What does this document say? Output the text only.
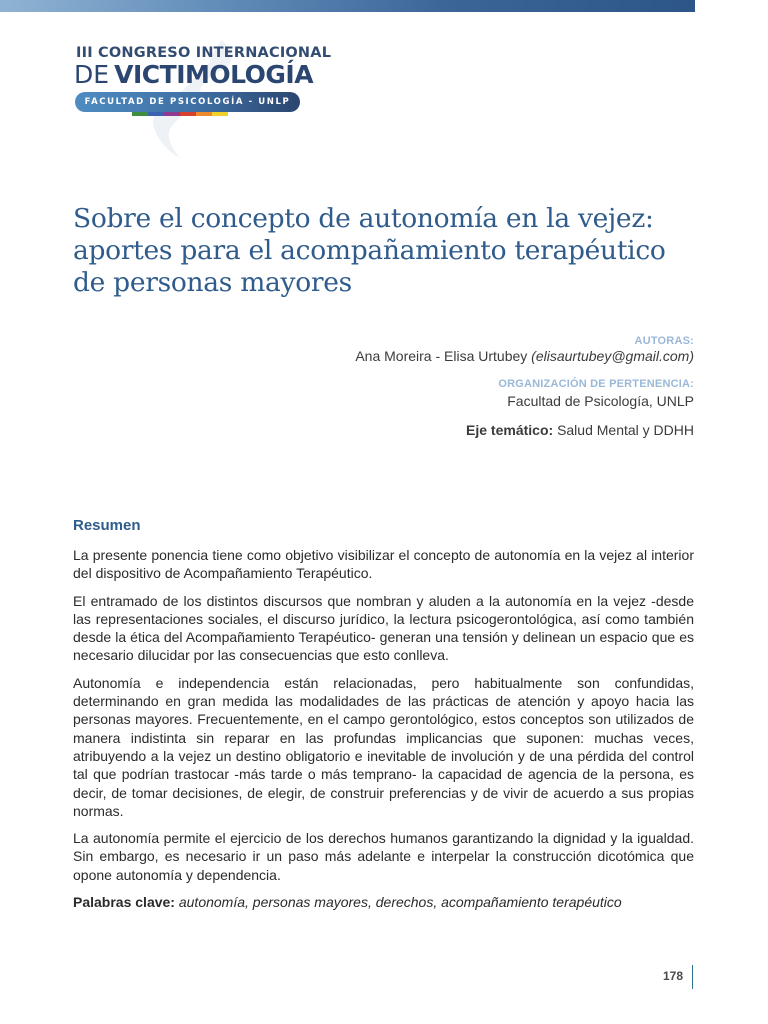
III CONGRESO INTERNACIONAL
DE VICTIMOLOGÍA
FACULTAD DE PSICOLOGÍA - UNLP
Sobre el concepto de autonomía en la vejez:
aportes para el acompañamiento terapéutico
de personas mayores
AUTORAS:
Ana Moreira - Elisa Urtubey (elisaurtubey@gmail.com)
ORGANIZACIÓN DE PERTENENCIA:
Facultad de Psicología, UNLP
Eje temático: Salud Mental y DDHH
Resumen

La presente ponencia tiene como objetivo visibilizar el concepto de autonomía en la vejez al interior del dispositivo de Acompañamiento Terapéutico.

El entramado de los distintos discursos que nombran y aluden a la autonomía en la vejez -desde las representaciones sociales, el discurso jurídico, la lectura psicogerontológica, así como también desde la ética del Acompañamiento Terapéutico- generan una tensión y delinean un espacio que es necesario dilucidar por las consecuencias que esto conlleva.

Autonomía e independencia están relacionadas, pero habitualmente son confundidas, determinando en gran medida las modalidades de las prácticas de atención y apoyo hacia las personas mayores. Frecuentemente, en el campo gerontológico, estos conceptos son utilizados de manera indistinta sin reparar en las profundas implicancias que suponen: muchas veces, atribuyendo a la vejez un destino obligatorio e inevitable de involución y de una pérdida del control tal que podrían trastocar -más tarde o más temprano- la capacidad de agencia de la persona, es decir, de tomar decisiones, de elegir, de construir preferencias y de vivir de acuerdo a sus propias normas.

La autonomía permite el ejercicio de los derechos humanos garantizando la dignidad y la igualdad. Sin embargo, es necesario ir un paso más adelante e interpelar la construcción dicotómica que opone autonomía y dependencia.

Palabras clave: autonomía, personas mayores, derechos, acompañamiento terapéutico

178
